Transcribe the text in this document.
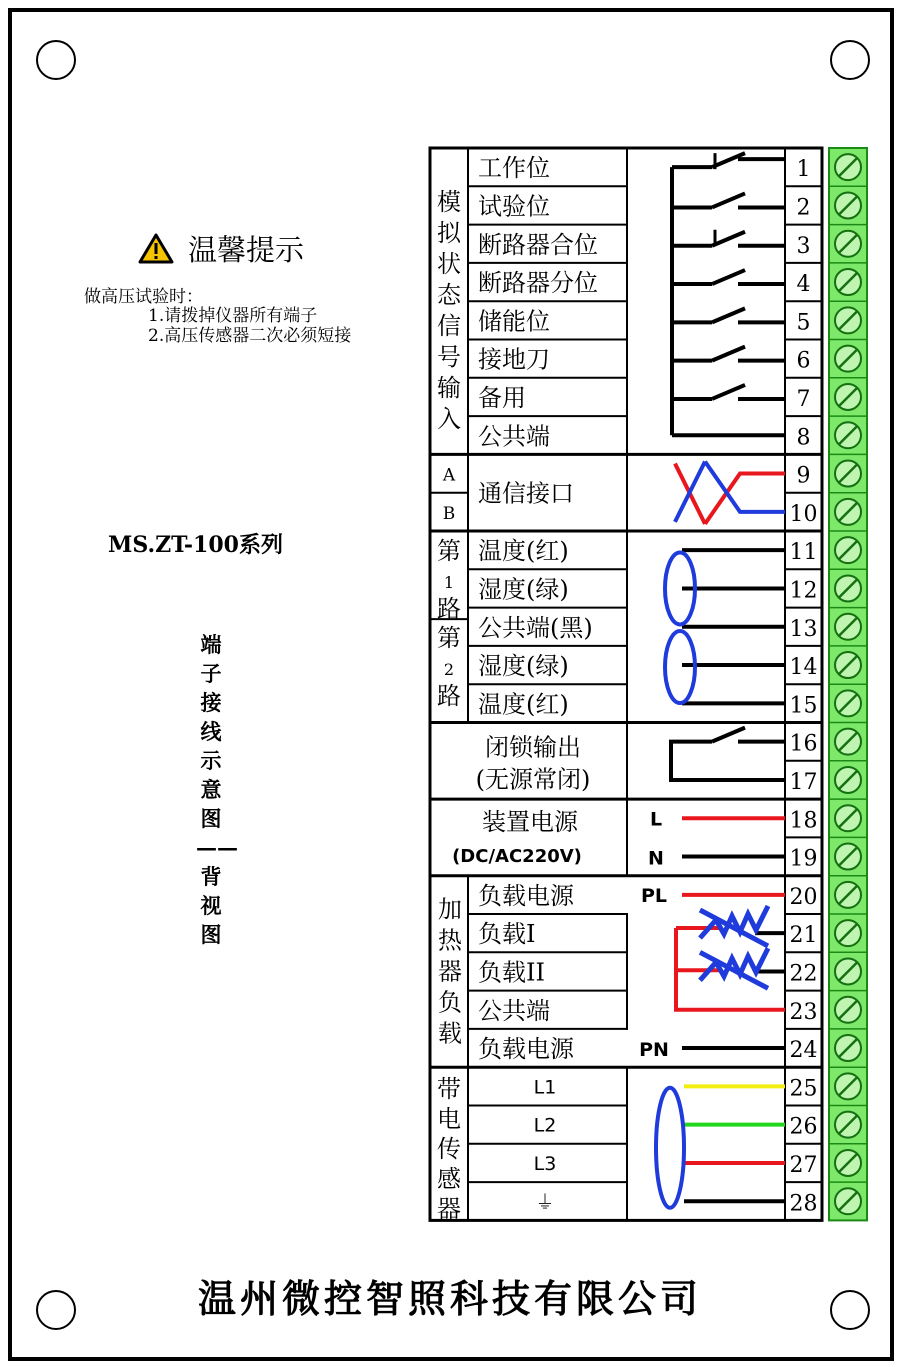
温馨提示
做高压试验时：
1.请拨掉仪器所有端子
2.高压传感器二次必须短接
MS.ZT-100系列
端子接线示意图——背视图
温州微控智照科技有限公司
模拟状态信号输入
工作位
试验位
断路器合位
断路器分位
储能位
接地刀
备用
公共端
A
B
通信接口
第
1
路
第
2
路
温度(红)
湿度(绿)
公共端(黑)
湿度(绿)
温度(红)
闭锁输出
(无源常闭)
装置电源
(DC/AC220V)
L
N
加热器负载
负载电源
负载I
负载II
公共端
负载电源
PL
PN
带电传感器
L1
L2
L3
⏚
1
2
3
4
5
6
7
8
9
10
11
12
13
14
15
16
17
18
19
20
21
22
23
24
25
26
27
28
